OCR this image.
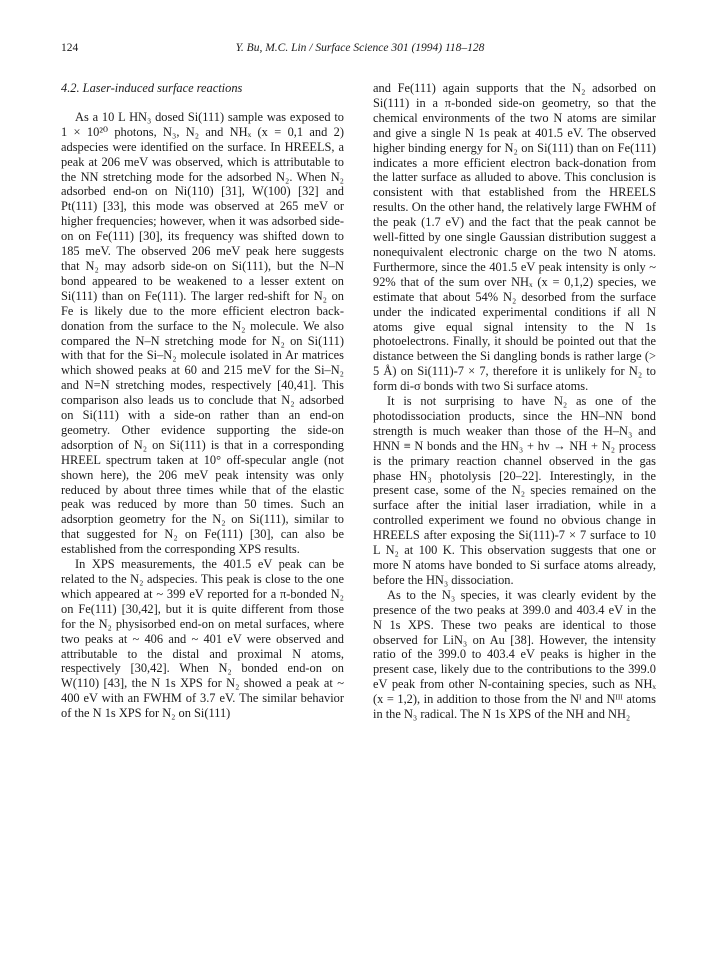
124	Y. Bu, M.C. Lin / Surface Science 301 (1994) 118–128
4.2. Laser-induced surface reactions

As a 10 L HN₃ dosed Si(111) sample was exposed to 1 × 10²⁰ photons, N₃, N₂ and NHₓ (x = 0,1 and 2) adspecies were identified on the surface. In HREELS, a peak at 206 meV was observed, which is attributable to the NN stretching mode for the adsorbed N₂. When N₂ adsorbed end-on on Ni(110) [31], W(100) [32] and Pt(111) [33], this mode was observed at 265 meV or higher frequencies; however, when it was adsorbed side-on on Fe(111) [30], its frequency was shifted down to 185 meV. The observed 206 meV peak here suggests that N₂ may adsorb side-on on Si(111), but the N–N bond appeared to be weakened to a lesser extent on Si(111) than on Fe(111). The larger red-shift for N₂ on Fe is likely due to the more efficient electron back-donation from the surface to the N₂ molecule. We also compared the N–N stretching mode for N₂ on Si(111) with that for the Si–N₂ molecule isolated in Ar matrices which showed peaks at 60 and 215 meV for the Si–N₂ and N=N stretching modes, respectively [40,41]. This comparison also leads us to conclude that N₂ adsorbed on Si(111) with a side-on rather than an end-on geometry. Other evidence supporting the side-on adsorption of N₂ on Si(111) is that in a corresponding HREEL spectrum taken at 10° off-specular angle (not shown here), the 206 meV peak intensity was only reduced by about three times while that of the elastic peak was reduced by more than 50 times. Such an adsorption geometry for the N₂ on Si(111), similar to that suggested for N₂ on Fe(111) [30], can also be established from the corresponding XPS results.

In XPS measurements, the 401.5 eV peak can be related to the N₂ adspecies. This peak is close to the one which appeared at ~ 399 eV reported for a π-bonded N₂ on Fe(111) [30,42], but it is quite different from those for the N₂ physisorbed end-on on metal surfaces, where two peaks at ~ 406 and ~ 401 eV were observed and attributable to the distal and proximal N atoms, respectively [30,42]. When N₂ bonded end-on on W(110) [43], the N 1s XPS for N₂ showed a peak at ~ 400 eV with an FWHM of 3.7 eV. The similar behavior of the N 1s XPS for N₂ on Si(111)

and Fe(111) again supports that the N₂ adsorbed on Si(111) in a π-bonded side-on geometry, so that the chemical environments of the two N atoms are similar and give a single N 1s peak at 401.5 eV. The observed higher binding energy for N₂ on Si(111) than on Fe(111) indicates a more efficient electron back-donation from the latter surface as alluded to above. This conclusion is consistent with that established from the HREELS results. On the other hand, the relatively large FWHM of the peak (1.7 eV) and the fact that the peak cannot be well-fitted by one single Gaussian distribution suggest a nonequivalent electronic charge on the two N atoms. Furthermore, since the 401.5 eV peak intensity is only ~ 92% that of the sum over NHₓ (x = 0,1,2) species, we estimate that about 54% N₂ desorbed from the surface under the indicated experimental conditions if all N atoms give equal signal intensity to the N 1s photoelectrons. Finally, it should be pointed out that the distance between the Si dangling bonds is rather large (> 5 Å) on Si(111)-7 × 7, therefore it is unlikely for N₂ to form di-σ bonds with two Si surface atoms.

It is not surprising to have N₂ as one of the photodissociation products, since the HN–NN bond strength is much weaker than those of the H–N₃ and HNN ≡ N bonds and the HN₃ + hν → NH + N₂ process is the primary reaction channel observed in the gas phase HN₃ photolysis [20–22]. Interestingly, in the present case, some of the N₂ species remained on the surface after the initial laser irradiation, while in a controlled experiment we found no obvious change in HREELS after exposing the Si(111)-7 × 7 surface to 10 L N₂ at 100 K. This observation suggests that one or more N atoms have bonded to Si surface atoms already, before the HN₃ dissociation.

As to the N₃ species, it was clearly evident by the presence of the two peaks at 399.0 and 403.4 eV in the N 1s XPS. These two peaks are identical to those observed for LiN₃ on Au [38]. However, the intensity ratio of the 399.0 to 403.4 eV peaks is higher in the present case, likely due to the contributions to the 399.0 eV peak from other N-containing species, such as NHₓ (x = 1,2), in addition to those from the Nᴵ and Nᴵᴵᴵ atoms in the N₃ radical. The N 1s XPS of the NH and NH₂
